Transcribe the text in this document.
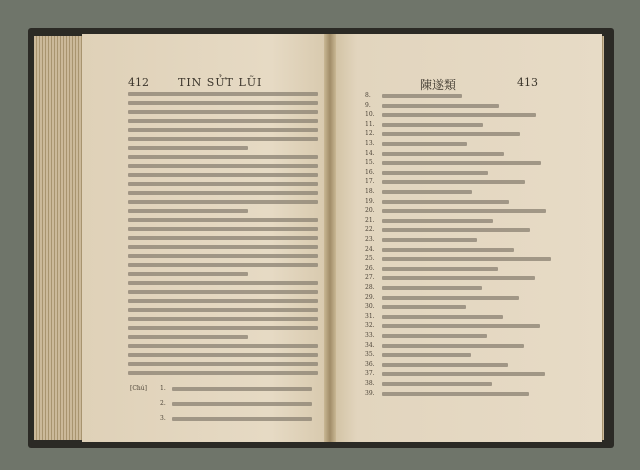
412	TIN SỬT LŨI	陳遂類	413
[Chú] 1.
2.
3.
8.
9.
10.
11.
12.
13.
14.
15.
16.
17.
18.
19.
20.
21.
22.
23.
24.
25.
26.
27.
28.
29.
30.
31.
32.
33.
34.
35.
36.
37.
38.
39.
